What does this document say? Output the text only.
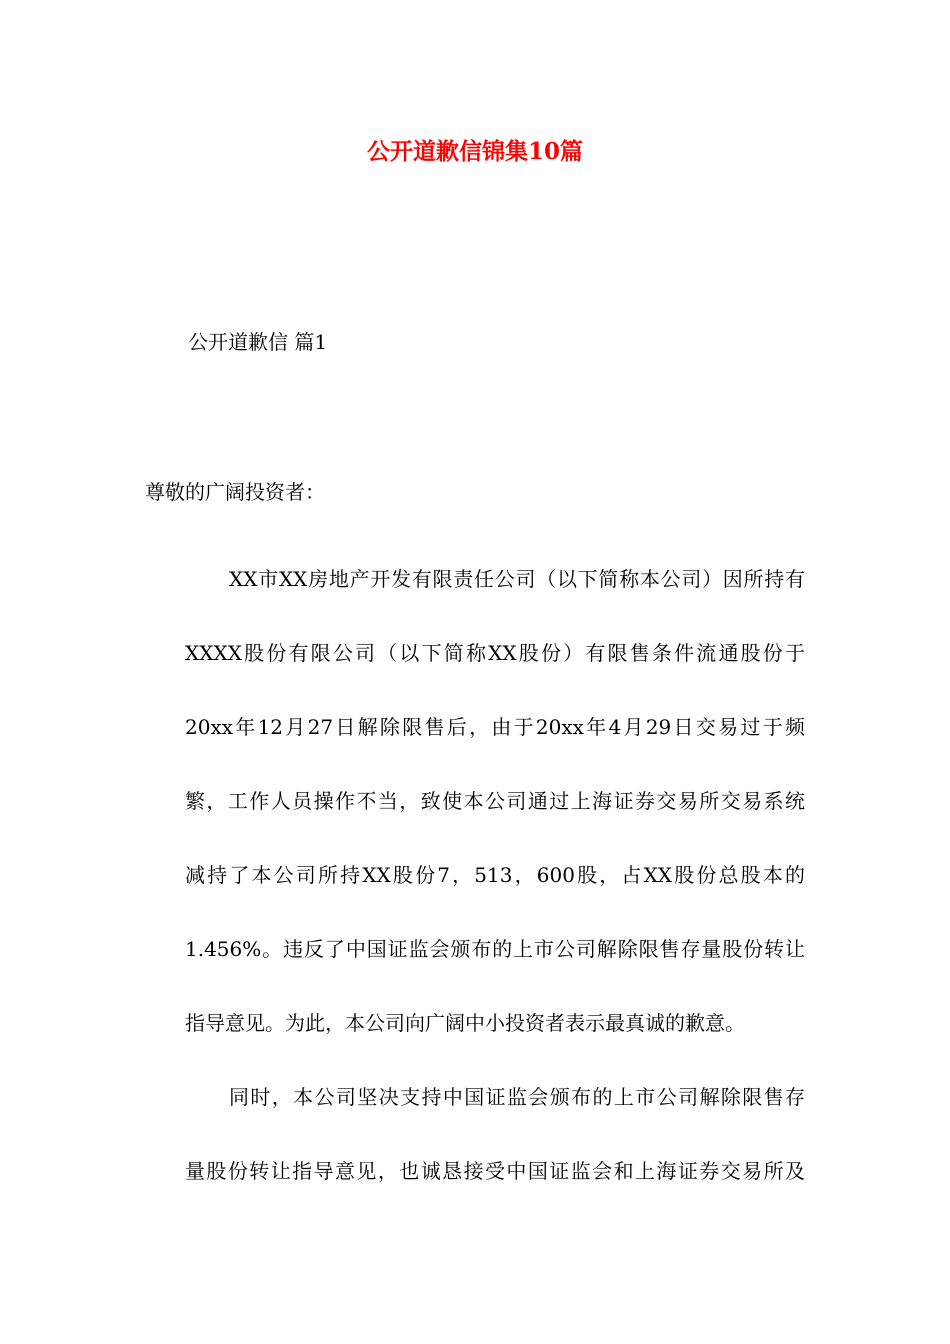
公开道歉信锦集10篇
公开道歉信 篇1
尊敬的广阔投资者：
XX市XX房地产开发有限责任公司（以下简称本公司）因所持有
XXXX股份有限公司（以下简称XX股份）有限售条件流通股份于
20xx年12月27日解除限售后，由于20xx年4月29日交易过于频
繁，工作人员操作不当，致使本公司通过上海证券交易所交易系统
减持了本公司所持XX股份7，513，600股，占XX股份总股本的
1.456%。违反了中国证监会颁布的上市公司解除限售存量股份转让
指导意见。为此，本公司向广阔中小投资者表示最真诚的歉意。
同时，本公司坚决支持中国证监会颁布的上市公司解除限售存
量股份转让指导意见，也诚恳接受中国证监会和上海证券交易所及
